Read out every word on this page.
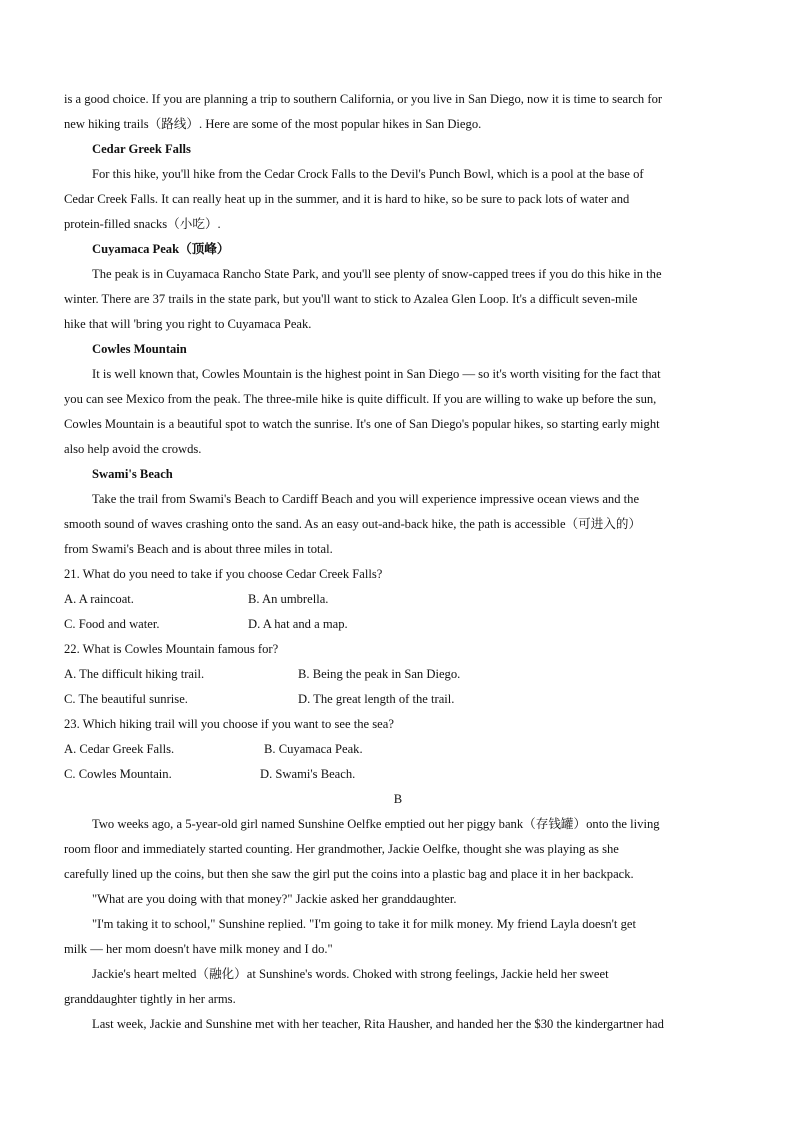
is a good choice. If you are planning a trip to southern California, or you live in San Diego, now it is time to search for

new hiking trails（路线）. Here are some of the most popular hikes in San Diego.

Cedar Greek Falls

For this hike, you'll hike from the Cedar Crock Falls to the Devil's Punch Bowl, which is a pool at the base of

Cedar Creek Falls. It can really heat up in the summer, and it is hard to hike, so be sure to pack lots of water and

protein-filled snacks（小吃）.

Cuyamaca Peak（顶峰）

The peak is in Cuyamaca Rancho State Park, and you'll see plenty of snow-capped trees if you do this hike in the

winter. There are 37 trails in the state park, but you'll want to stick to Azalea Glen Loop. It's a difficult seven-mile

hike that will 'bring you right to Cuyamaca Peak.

Cowles Mountain

It is well known that, Cowles Mountain is the highest point in San Diego — so it's worth visiting for the fact that

you can see Mexico from the peak. The three-mile hike is quite difficult. If you are willing to wake up before the sun,

Cowles Mountain is a beautiful spot to watch the sunrise. It's one of San Diego's popular hikes, so starting early might

also help avoid the crowds.

Swami's Beach

Take the trail from Swami's Beach to Cardiff Beach and you will experience impressive ocean views and the

smooth sound of waves crashing onto the sand. As an easy out-and-back hike, the path is accessible（可进入的）

from Swami's Beach and is about three miles in total.

21. What do you need to take if you choose Cedar Creek Falls?

A. A raincoat.	B. An umbrella.
C. Food and water.	D. A hat and a map.

22. What is Cowles Mountain famous for?

A. The difficult hiking trail.	B. Being the peak in San Diego.
C. The beautiful sunrise.	D. The great length of the trail.

23. Which hiking trail will you choose if you want to see the sea?

A. Cedar Greek Falls.	B. Cuyamaca Peak.
C. Cowles Mountain.	D. Swami's Beach.

B

Two weeks ago, a 5-year-old girl named Sunshine Oelfke emptied out her piggy bank（存钱罐）onto the living

room floor and immediately started counting. Her grandmother, Jackie Oelfke, thought she was playing as she

carefully lined up the coins, but then she saw the girl put the coins into a plastic bag and place it in her backpack.

"What are you doing with that money?" Jackie asked her granddaughter.

"I'm taking it to school," Sunshine replied. "I'm going to take it for milk money. My friend Layla doesn't get

milk — her mom doesn't have milk money and I do."

Jackie's heart melted（融化）at Sunshine's words. Choked with strong feelings, Jackie held her sweet

granddaughter tightly in her arms.

Last week, Jackie and Sunshine met with her teacher, Rita Hausher, and handed her the $30 the kindergartner had
